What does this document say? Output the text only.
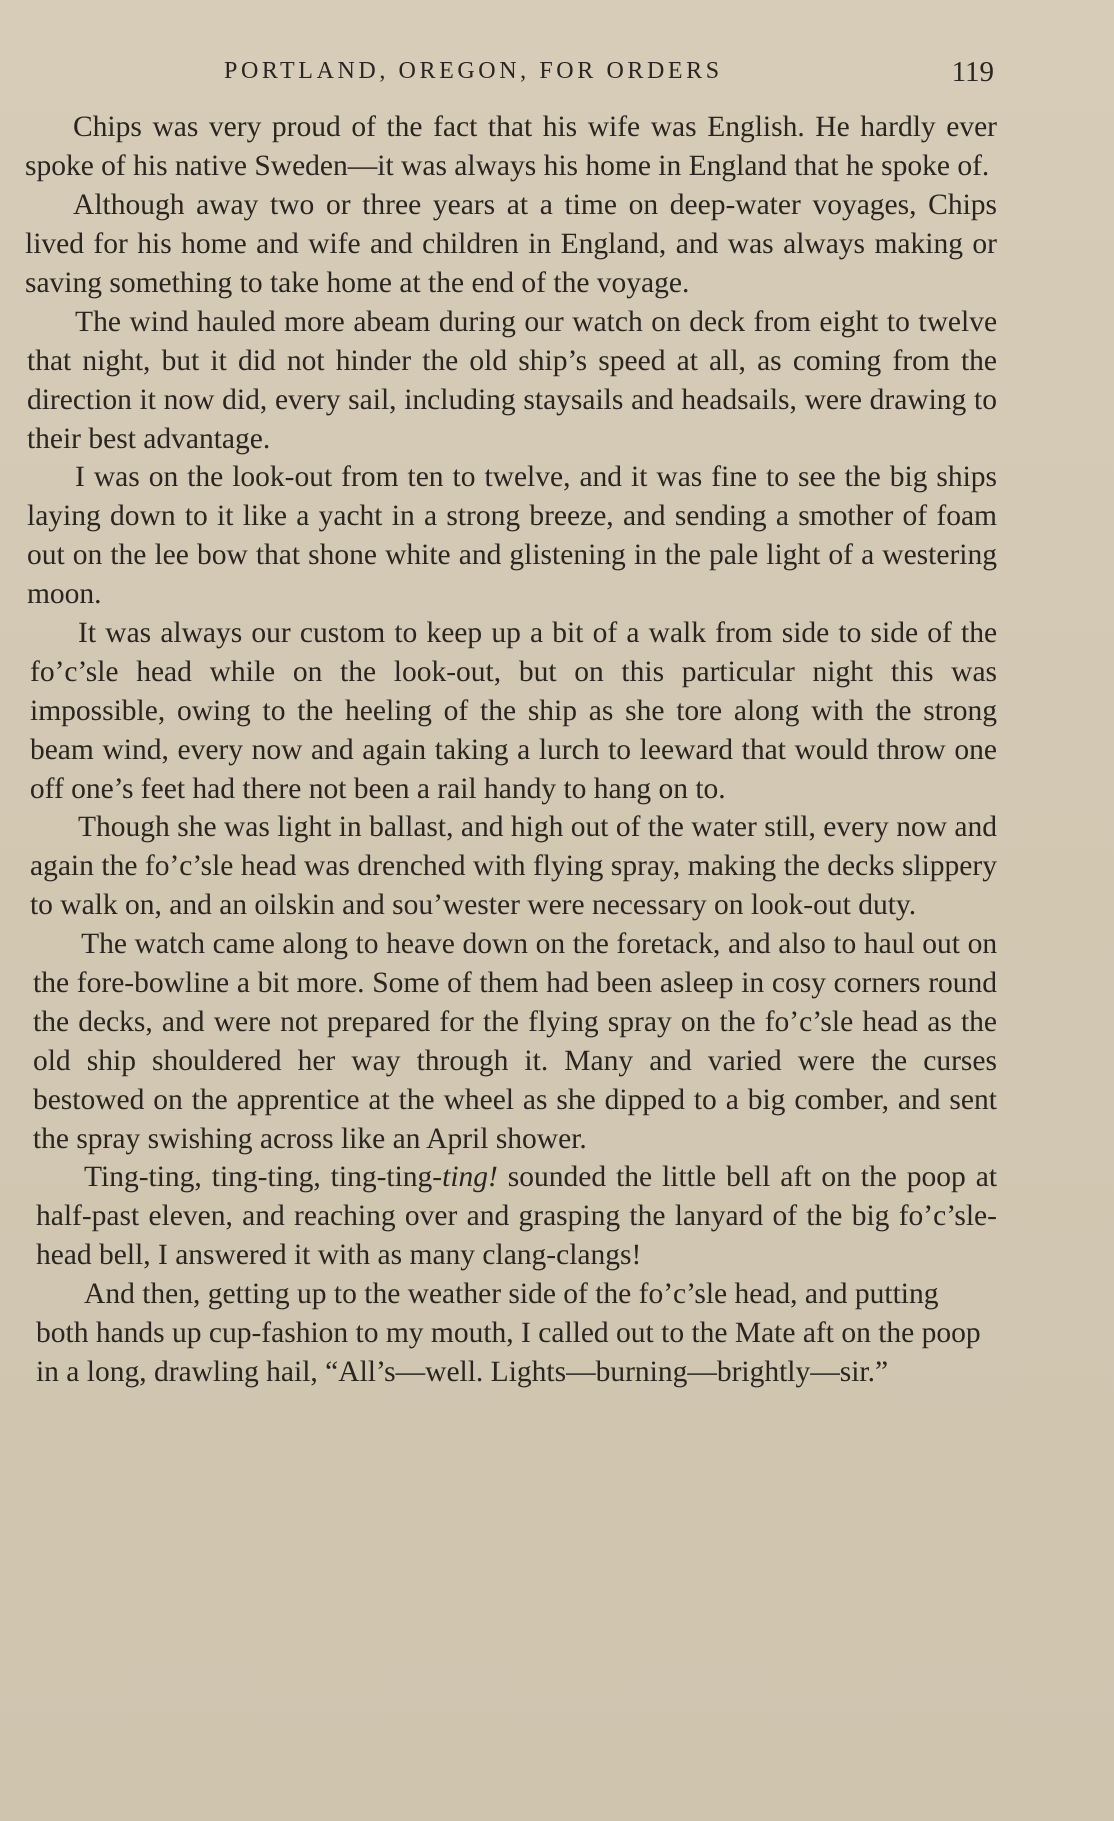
PORTLAND, OREGON, FOR ORDERS	119

Chips was very proud of the fact that his wife was English. He hardly ever spoke of his native Sweden—it was always his home in England that he spoke of.

Although away two or three years at a time on deep-water voyages, Chips lived for his home and wife and children in England, and was always making or saving something to take home at the end of the voyage.

The wind hauled more abeam during our watch on deck from eight to twelve that night, but it did not hinder the old ship’s speed at all, as coming from the direction it now did, every sail, including staysails and headsails, were drawing to their best advantage.

I was on the look-out from ten to twelve, and it was fine to see the big ships laying down to it like a yacht in a strong breeze, and sending a smother of foam out on the lee bow that shone white and glistening in the pale light of a westering moon.

It was always our custom to keep up a bit of a walk from side to side of the fo’c’sle head while on the look-out, but on this particular night this was impossible, owing to the heeling of the ship as she tore along with the strong beam wind, every now and again taking a lurch to leeward that would throw one off one’s feet had there not been a rail handy to hang on to.

Though she was light in ballast, and high out of the water still, every now and again the fo’c’sle head was drenched with flying spray, making the decks slippery to walk on, and an oilskin and sou’wester were necessary on look-out duty.

The watch came along to heave down on the foretack, and also to haul out on the fore-bowline a bit more. Some of them had been asleep in cosy corners round the decks, and were not prepared for the flying spray on the fo’c’sle head as the old ship shouldered her way through it. Many and varied were the curses bestowed on the apprentice at the wheel as she dipped to a big comber, and sent the spray swishing across like an April shower.

Ting-ting, ting-ting, ting-ting-ting! sounded the little bell aft on the poop at half-past eleven, and reaching over and grasping the lanyard of the big fo’c’sle-head bell, I answered it with as many clang-clangs!

And then, getting up to the weather side of the fo’c’sle head, and putting both hands up cup-fashion to my mouth, I called out to the Mate aft on the poop in a long, drawling hail, “All’s—well. Lights—burning—brightly—sir.”
